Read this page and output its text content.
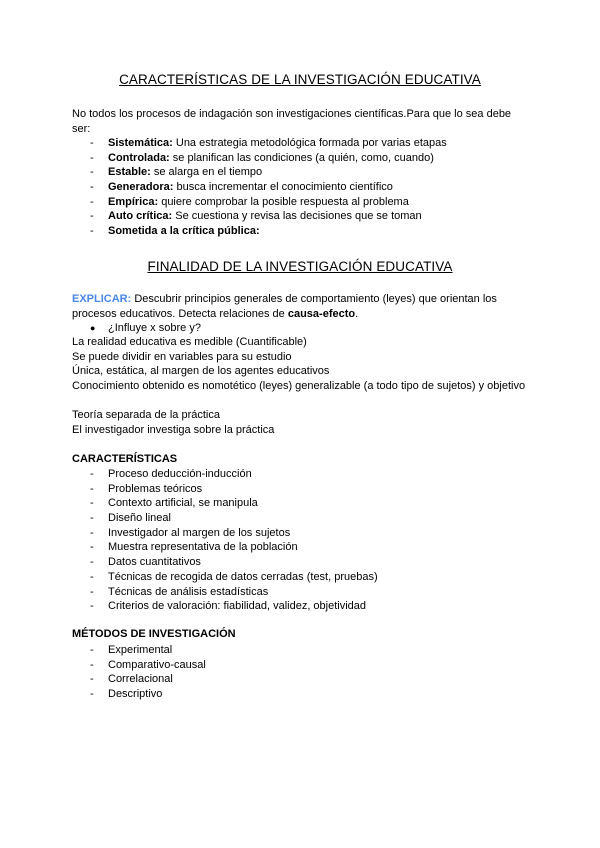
CARACTERÍSTICAS DE LA INVESTIGACIÓN EDUCATIVA
No todos los procesos de indagación son investigaciones científicas.Para que lo sea debe ser:
- Sistemática: Una estrategia metodológica formada por varias etapas
- Controlada: se planifican las condiciones (a quién, como, cuando)
- Estable: se alarga en el tiempo
- Generadora: busca incrementar el conocimiento científico
- Empírica: quiere comprobar la posible respuesta al problema
- Auto crítica: Se cuestiona y revisa las decisiones que se toman
- Sometida a la crítica pública:
FINALIDAD DE LA INVESTIGACIÓN EDUCATIVA
EXPLICAR: Descubrir principios generales de comportamiento (leyes) que orientan los procesos educativos. Detecta relaciones de causa-efecto.
● ¿Influye x sobre y?
La realidad educativa es medible (Cuantificable)
Se puede dividir en variables para su estudio
Única, estática, al margen de los agentes educativos
Conocimiento obtenido es nomotético (leyes) generalizable (a todo tipo de sujetos) y objetivo
Teoría separada de la práctica
El investigador investiga sobre la práctica
CARACTERÍSTICAS
- Proceso deducción-inducción
- Problemas teóricos
- Contexto artificial, se manipula
- Diseño lineal
- Investigador al margen de los sujetos
- Muestra representativa de la población
- Datos cuantitativos
- Técnicas de recogida de datos cerradas (test, pruebas)
- Técnicas de análisis estadísticas
- Criterios de valoración: fiabilidad, validez, objetividad
MÉTODOS DE INVESTIGACIÓN
- Experimental
- Comparativo-causal
- Correlacional
- Descriptivo
